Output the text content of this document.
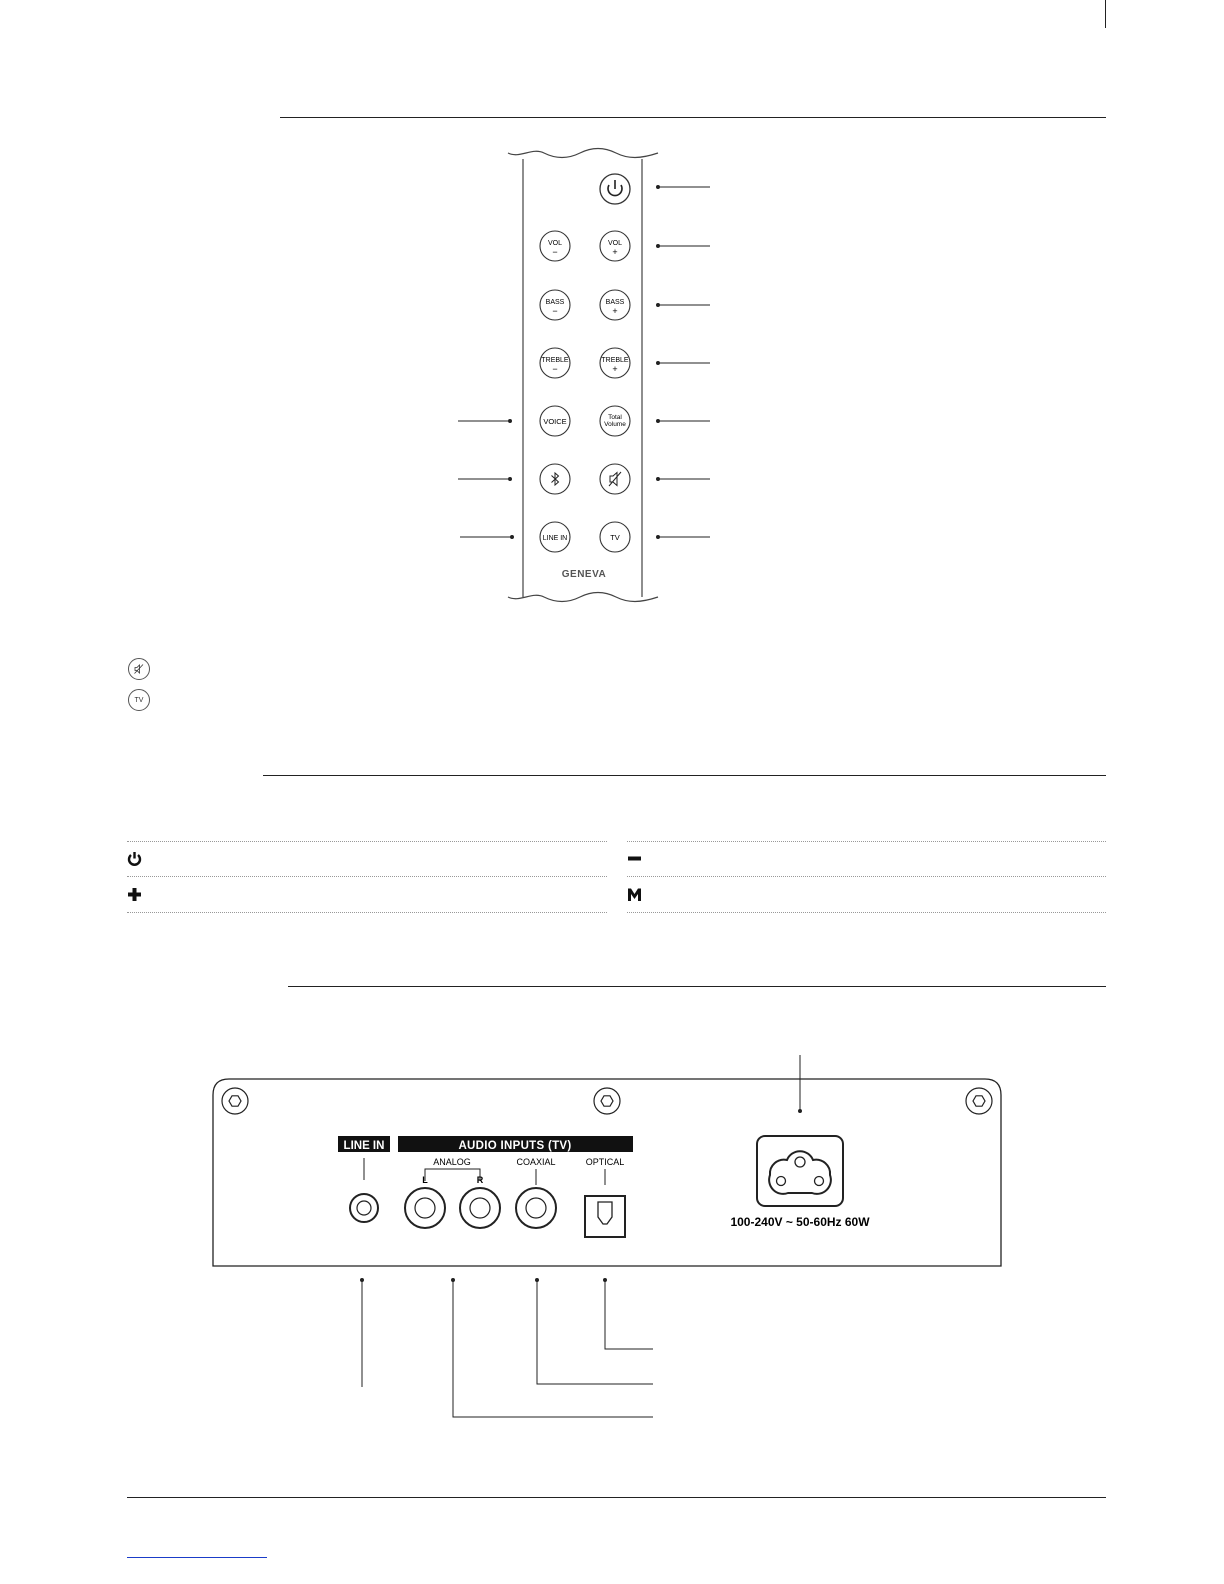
VOL
−
VOL
+
BASS
−
BASS
+
TREBLE
−
TREBLE
+
VOICE	Total
Volume
LINE IN	TV
GENEVA
TV
LINE IN	AUDIO INPUTS (TV)
ANALOG
L	R
COAXIAL	OPTICAL
100-240V ~ 50-60Hz 60W
